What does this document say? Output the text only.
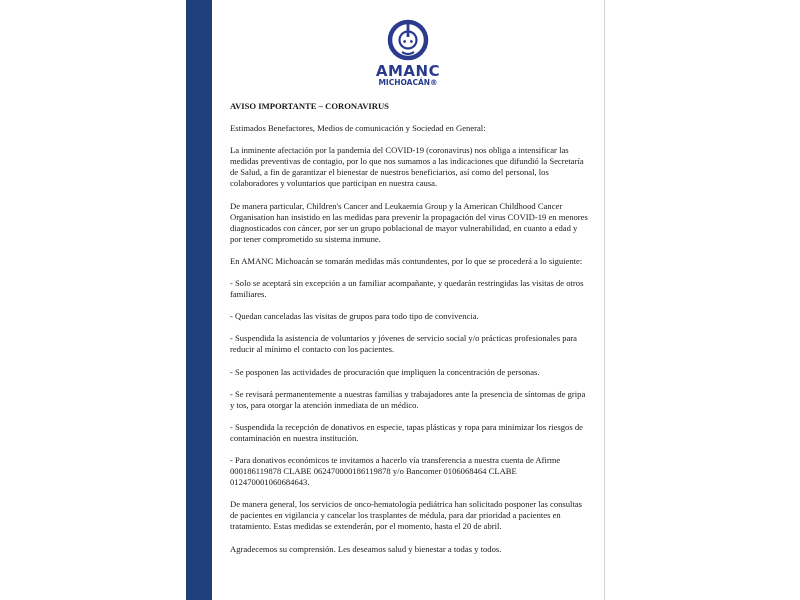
AMANC
MICHOACÁN®

AVISO IMPORTANTE – CORONAVIRUS

Estimados Benefactores, Medios de comunicación y Sociedad en General:

La inminente afectación por la pandemia del COVID-19 (coronavirus) nos obliga a intensificar las medidas preventivas de contagio, por lo que nos sumamos a las indicaciones que difundió la Secretaría de Salud, a fin de garantizar el bienestar de nuestros beneficiarios, así como del personal, los colaboradores y voluntarios que participan en nuestra causa.

De manera particular, Children's Cancer and Leukaemia Group y la American Childhood Cancer Organisation han insistido en las medidas para prevenir la propagación del virus COVID-19 en menores diagnosticados con cáncer, por ser un grupo poblacional de mayor vulnerabilidad, en cuanto a edad y por tener comprometido su sistema inmune.

En AMANC Michoacán se tomarán medidas más contundentes, por lo que se procederá a lo siguiente:

- Solo se aceptará sin excepción a un familiar acompañante, y quedarán restringidas las visitas de otros familiares.

- Quedan canceladas las visitas de grupos para todo tipo de convivencia.

- Suspendida la asistencia de voluntarios y jóvenes de servicio social y/o prácticas profesionales para reducir al mínimo el contacto con los pacientes.

- Se posponen las actividades de procuración que impliquen la concentración de personas.

- Se revisará permanentemente a nuestras familias y trabajadores ante la presencia de síntomas de gripa y tos, para otorgar la atención inmediata de un médico.

- Suspendida la recepción de donativos en especie, tapas plásticas y ropa para minimizar los riesgos de contaminación en nuestra institución.

- Para donativos económicos te invitamos a hacerlo vía transferencia a nuestra cuenta de Afirme 000186119878 CLABE 062470000186119878 y/o Bancomer 0106068464 CLABE 012470001060684643.

De manera general, los servicios de onco-hematología pediátrica han solicitado posponer las consultas de pacientes en vigilancia y cancelar los trasplantes de médula, para dar prioridad a pacientes en tratamiento. Estas medidas se extenderán, por el momento, hasta el 20 de abril.

Agradecemos su comprensión. Les deseamos salud y bienestar a todas y todos.
